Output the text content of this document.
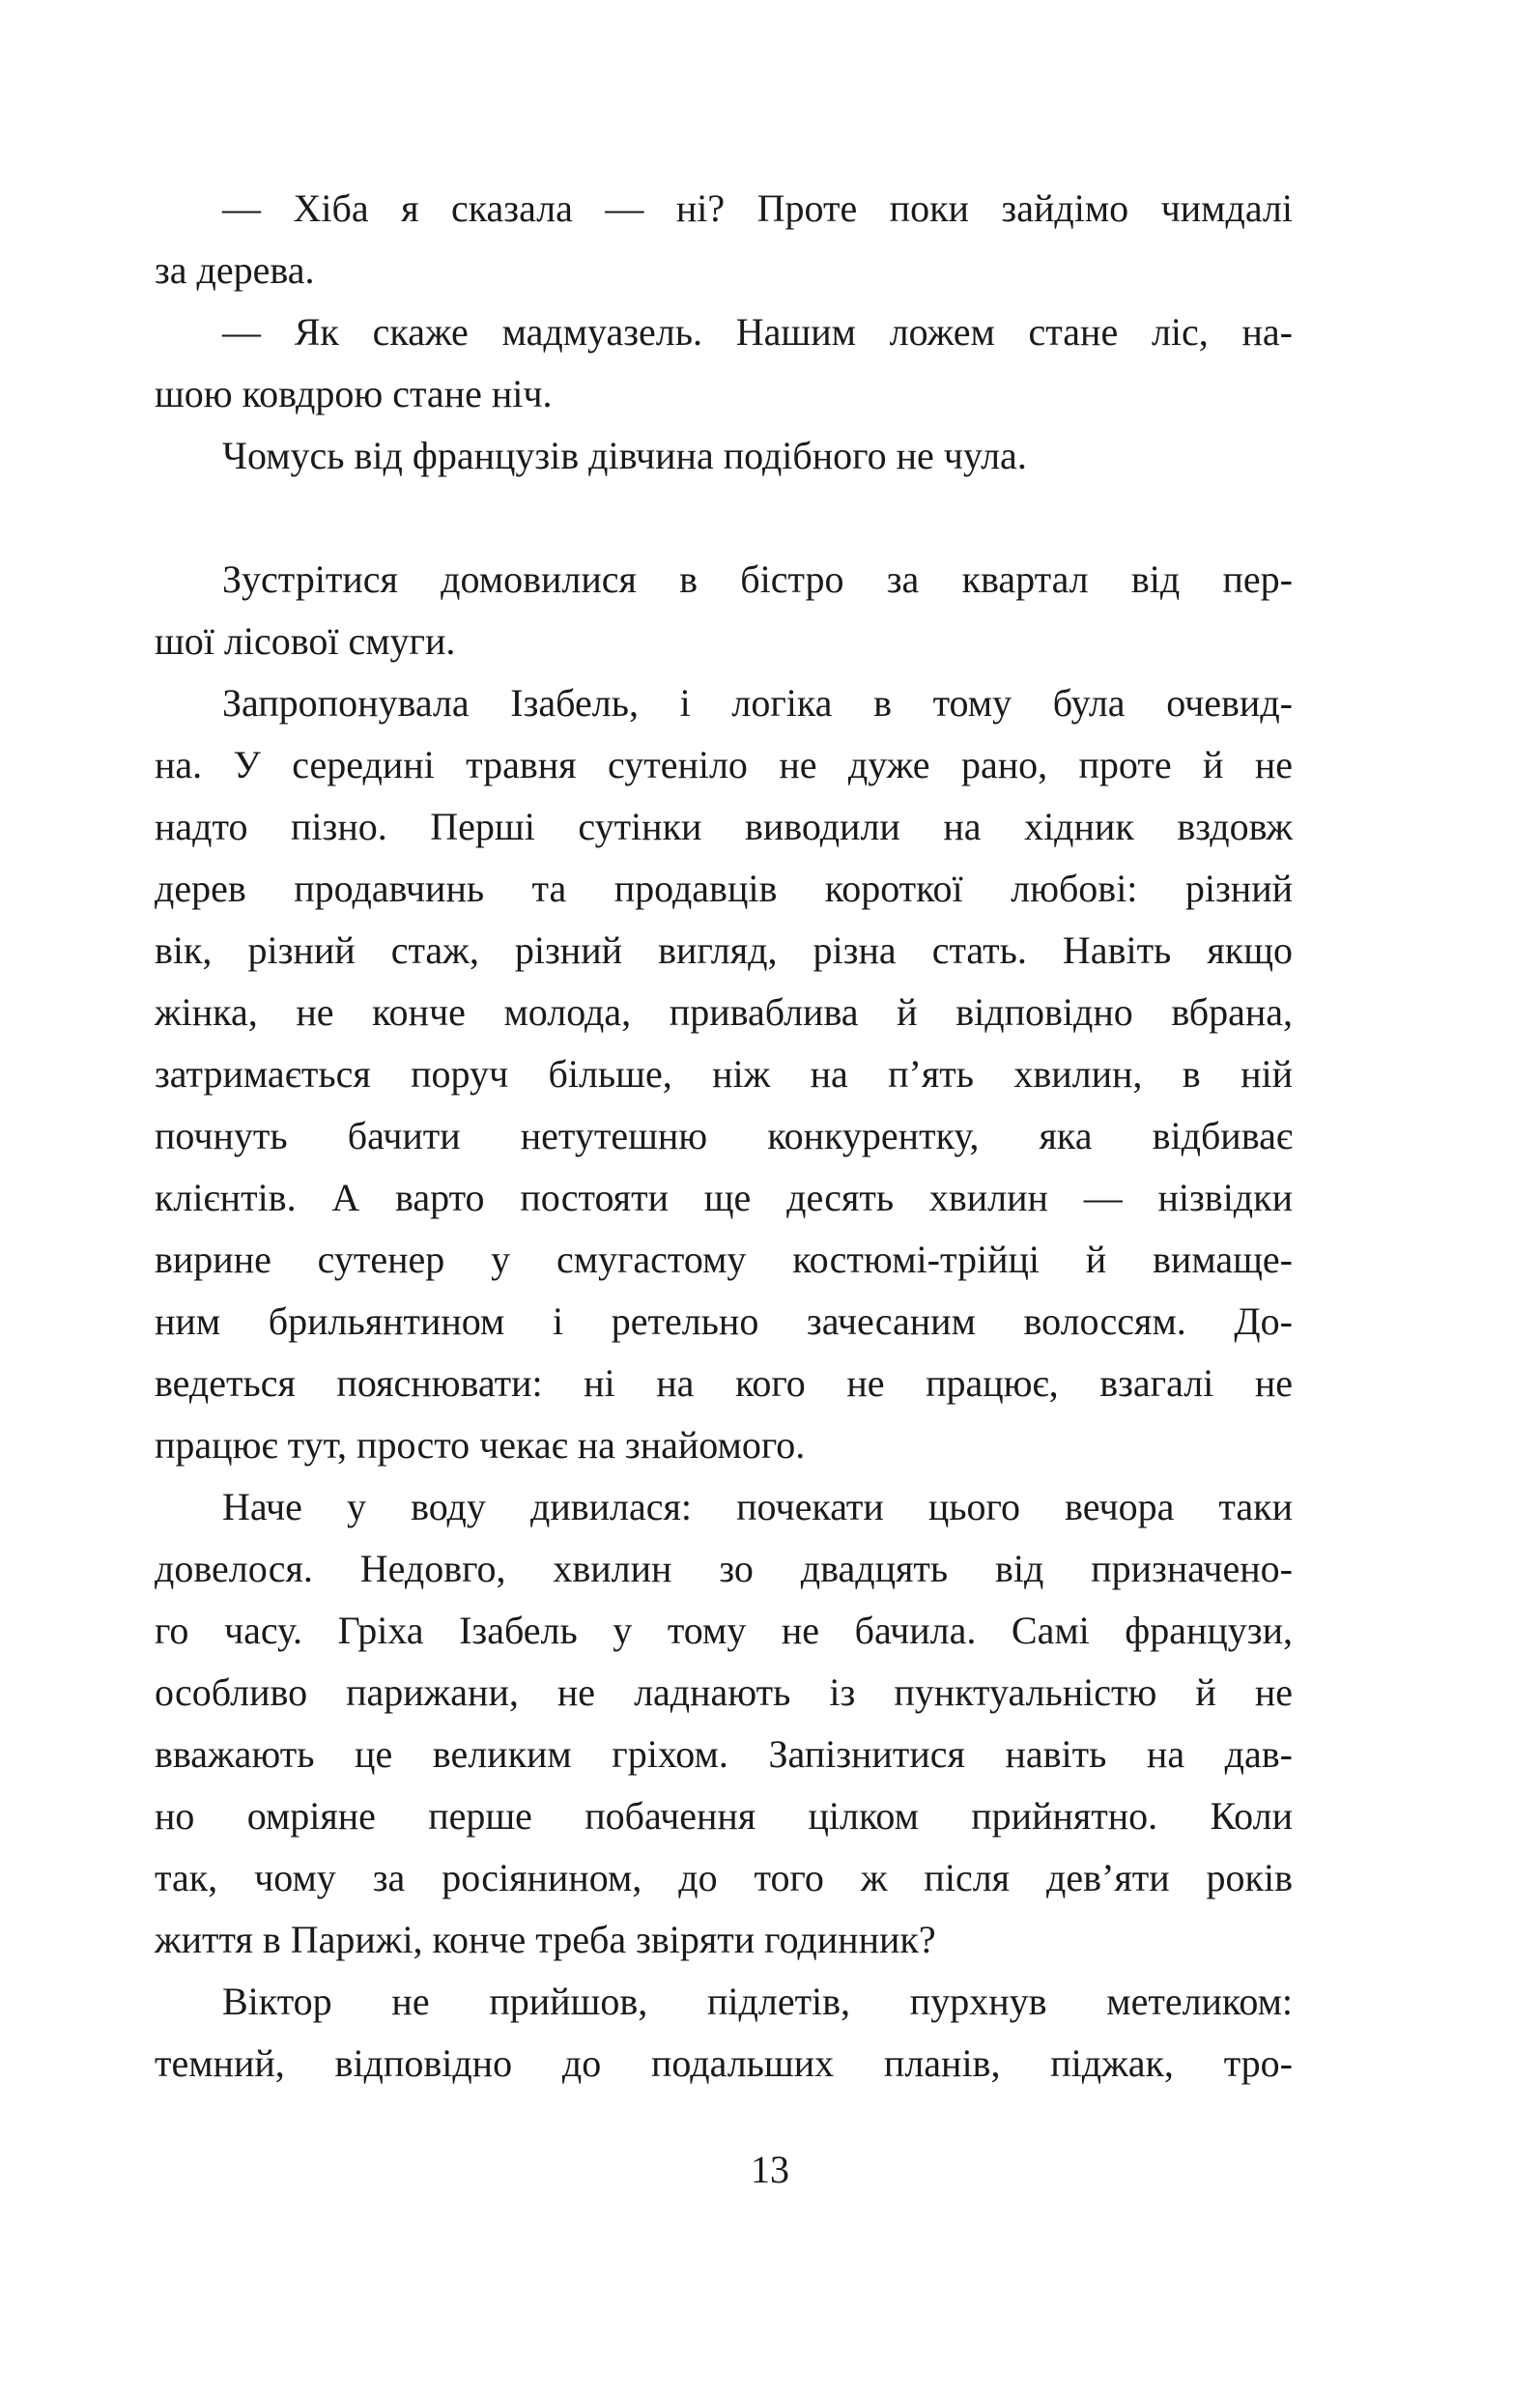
— Хіба я сказала — ні? Проте поки зайдімо чимдалі
за дерева.
— Як скаже мадмуазель. Нашим ложем стане ліс, на-
шою ковдрою стане ніч.
Чомусь від французів дівчина подібного не чула.
Зустрітися домовилися в бістро за квартал від пер-
шої лісової смуги.
Запропонувала Ізабель, і логіка в тому була очевид-
на. У середині травня сутеніло не дуже рано, проте й не
надто пізно. Перші сутінки виводили на хідник вздовж
дерев продавчинь та продавців короткої любові: різний
вік, різний стаж, різний вигляд, різна стать. Навіть якщо
жінка, не конче молода, приваблива й відповідно вбрана,
затримається поруч більше, ніж на п’ять хвилин, в ній
почнуть бачити нетутешню конкурентку, яка відбиває
клієнтів. А варто постояти ще десять хвилин — нізвідки
вирине сутенер у смугастому костюмі-трійці й вимаще-
ним брильянтином і ретельно зачесаним волоссям. До-
ведеться пояснювати: ні на кого не працює, взагалі не
працює тут, просто чекає на знайомого.
Наче у воду дивилася: почекати цього вечора таки
довелося. Недовго, хвилин зо двадцять від призначено-
го часу. Гріха Ізабель у тому не бачила. Самі французи,
особливо парижани, не ладнають із пунктуальністю й не
вважають це великим гріхом. Запізнитися навіть на дав-
но омріяне перше побачення цілком прийнятно. Коли
так, чому за росіянином, до того ж після дев’яти років
життя в Парижі, конче треба звіряти годинник?
Віктор не прийшов, підлетів, пурхнув метеликом:
темний, відповідно до подальших планів, піджак, тро-
13
